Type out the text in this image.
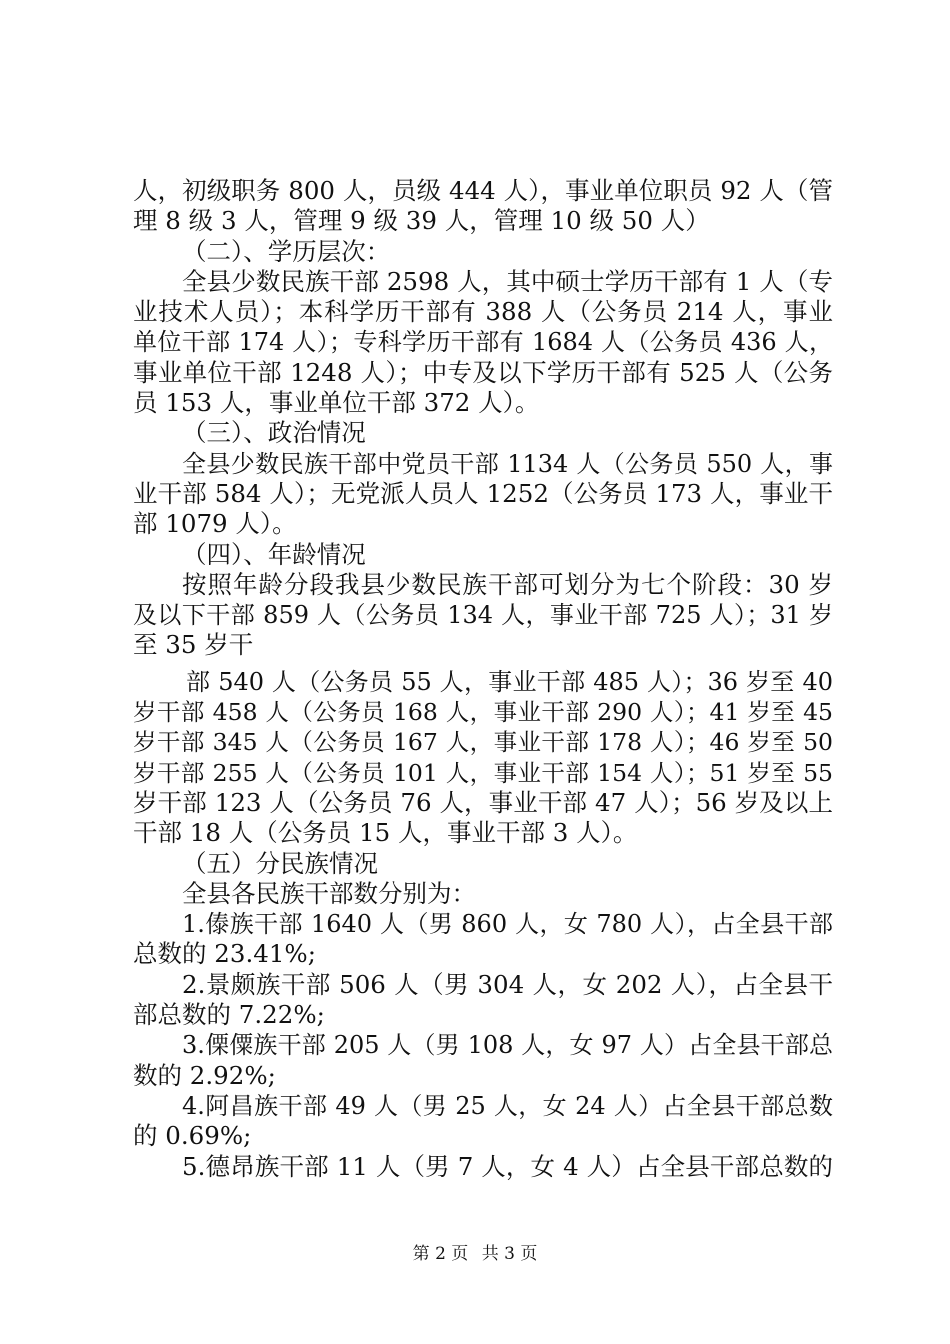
人，初级职务 800 人，员级 444 人），事业单位职员 92 人（管
理 8 级 3 人，管理 9 级 39 人，管理 10 级 50 人）
（二）、学历层次：
全县少数民族干部 2598 人，其中硕士学历干部有 1 人（专
业技术人员）；本科学历干部有 388 人（公务员 214 人，事业
单位干部 174 人）；专科学历干部有 1684 人（公务员 436 人，
事业单位干部 1248 人）；中专及以下学历干部有 525 人（公务
员 153 人，事业单位干部 372 人）。
（三）、政治情况
全县少数民族干部中党员干部 1134 人（公务员 550 人，事
业干部 584 人）；无党派人员人 1252（公务员 173 人，事业干
部 1079 人）。
（四）、年龄情况
按照年龄分段我县少数民族干部可划分为七个阶段：30 岁
及以下干部 859 人（公务员 134 人，事业干部 725 人）；31 岁
至 35 岁干
部 540 人（公务员 55 人，事业干部 485 人）；36 岁至 40
岁干部 458 人（公务员 168 人，事业干部 290 人）；41 岁至 45
岁干部 345 人（公务员 167 人，事业干部 178 人）；46 岁至 50
岁干部 255 人（公务员 101 人，事业干部 154 人）；51 岁至 55
岁干部 123 人（公务员 76 人，事业干部 47 人）；56 岁及以上
干部 18 人（公务员 15 人，事业干部 3 人）。
（五）分民族情况
全县各民族干部数分别为：
1.傣族干部 1640 人（男 860 人，女 780 人），占全县干部
总数的 23.41%;
2.景颇族干部 506 人（男 304 人，女 202 人），占全县干
部总数的 7.22%;
3.傈僳族干部 205 人（男 108 人，女 97 人）占全县干部总
数的 2.92%;
4.阿昌族干部 49 人（男 25 人，女 24 人）占全县干部总数
的 0.69%;
5.德昂族干部 11 人（男 7 人，女 4 人）占全县干部总数的
第 2 页 共 3 页
